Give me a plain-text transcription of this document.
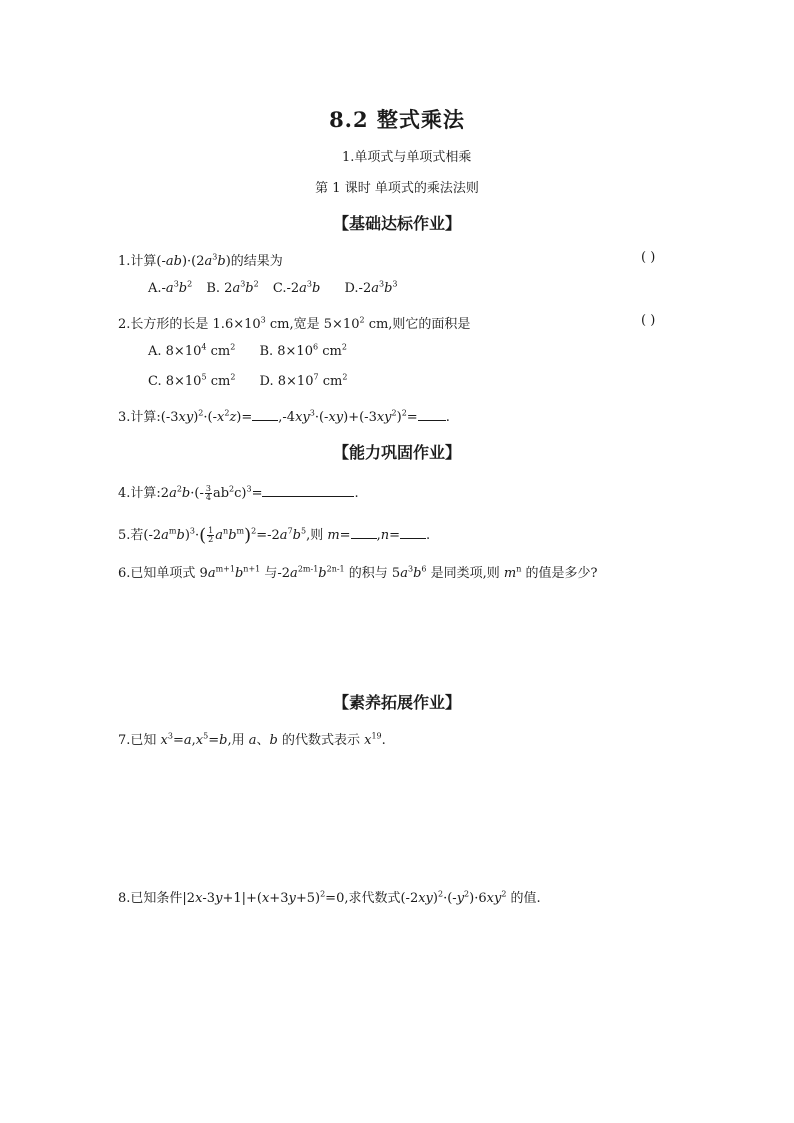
8.2 整式乘法
1.单项式与单项式相乘
第 1 课时 单项式的乘法法则
【基础达标作业】
1.计算$(-ab)\cdot(2a^3b)$的结果为	( )
$A.-a^3b^2$ B. $2a^3b^2$ $C.-2a^3b$ $D.-2a^3b^3$
2.长方形的长是 $1.6\times 10^3$ cm,宽是 $5\times 10^2$ cm,则它的面积是	( )
A. $8\times 10^4$ $cm^2$ B. $8\times 10^6$ $cm^2$
C. $8\times 10^5$ $cm^2$ D. $8\times 10^7$ $cm^2$
3.计算$:(-3xy)^2\cdot(-x^2z)= ,-4xy^3\cdot(-xy)+(-3xy^2)^2=$ .
【能力巩固作业】
4.计算$:2a^2b\cdot(- \frac{3}{4} ab^2c)^3=$	.
5.若$(-2a^mb)^3\cdot( \frac{1}{2} a^nb^m)^2=-2a^7b^5$,则 m= ,n= .
6.已知单项式 $9a^{m+1}b^{n+1}$ 与$-2a^{2m-1}b^{2n-1}$ 的积与 $5a^3b^6$ 是同类项,则 $m^n$ 的值是多少?
【素养拓展作业】
7.已知 $x^3=a,x^5=b$,用 a、b 的代数式表示 $x^{19}$.
8.已知条件$|2x-3y+1|+(x+3y+5)^2=0$,求代数式$(-2xy)^2\cdot(-y^2)\cdot 6xy^2$ 的值.
